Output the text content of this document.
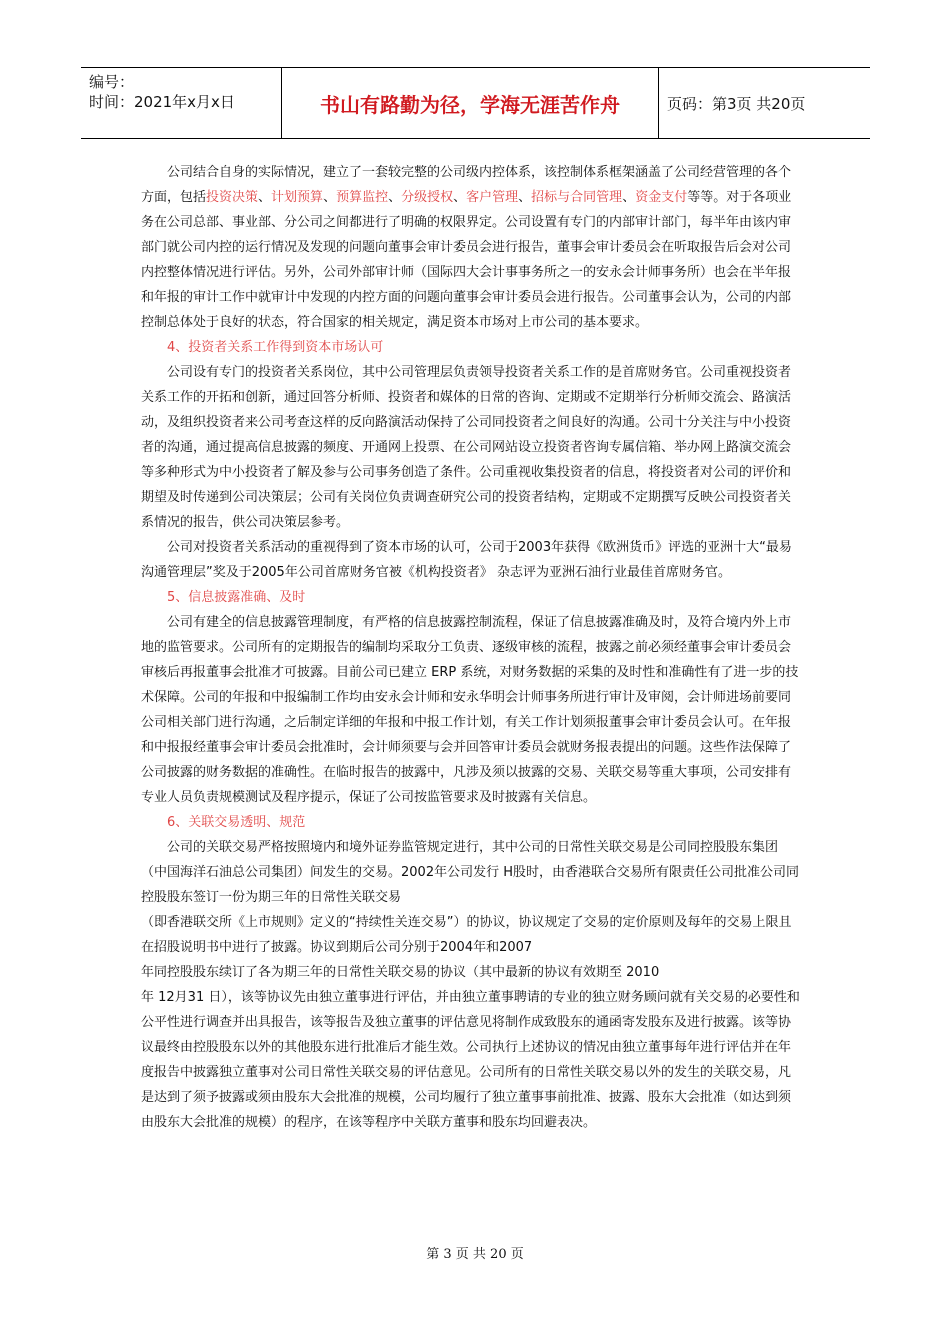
编号：
时间：2021年x月x日	书山有路勤为径，学海无涯苦作舟	页码：第3页 共20页

公司结合自身的实际情况，建立了一套较完整的公司级内控体系，该控制体系框架涵盖了公司经营管理的各个方面，包括投资决策、计划预算、预算监控、分级授权、客户管理、招标与合同管理、资金支付等等。对于各项业务在公司总部、事业部、分公司之间都进行了明确的权限界定。公司设置有专门的内部审计部门，每半年由该内审部门就公司内控的运行情况及发现的问题向董事会审计委员会进行报告，董事会审计委员会在听取报告后会对公司内控整体情况进行评估。另外，公司外部审计师（国际四大会计事事务所之一的安永会计师事务所）也会在半年报和年报的审计工作中就审计中发现的内控方面的问题向董事会审计委员会进行报告。公司董事会认为，公司的内部控制总体处于良好的状态，符合国家的相关规定，满足资本市场对上市公司的基本要求。

4、投资者关系工作得到资本市场认可

公司设有专门的投资者关系岗位，其中公司管理层负责领导投资者关系工作的是首席财务官。公司重视投资者关系工作的开拓和创新，通过回答分析师、投资者和媒体的日常的咨询、定期或不定期举行分析师交流会、路演活动，及组织投资者来公司考查这样的反向路演活动保持了公司同投资者之间良好的沟通。公司十分关注与中小投资者的沟通，通过提高信息披露的频度、开通网上投票、在公司网站设立投资者咨询专属信箱、举办网上路演交流会等多种形式为中小投资者了解及参与公司事务创造了条件。公司重视收集投资者的信息，将投资者对公司的评价和期望及时传递到公司决策层；公司有关岗位负责调查研究公司的投资者结构，定期或不定期撰写反映公司投资者关系情况的报告，供公司决策层参考。

公司对投资者关系活动的重视得到了资本市场的认可，公司于2003年获得《欧洲货币》评选的亚洲十大“最易沟通管理层”奖及于2005年公司首席财务官被《机构投资者》 杂志评为亚洲石油行业最佳首席财务官。

5、信息披露准确、及时

公司有建全的信息披露管理制度，有严格的信息披露控制流程，保证了信息披露准确及时，及符合境内外上市地的监管要求。公司所有的定期报告的编制均采取分工负责、逐级审核的流程，披露之前必须经董事会审计委员会审核后再报董事会批准才可披露。目前公司已建立 ERP 系统，对财务数据的采集的及时性和准确性有了进一步的技术保障。公司的年报和中报编制工作均由安永会计师和安永华明会计师事务所进行审计及审阅，会计师进场前要同公司相关部门进行沟通，之后制定详细的年报和中报工作计划，有关工作计划须报董事会审计委员会认可。在年报和中报报经董事会审计委员会批准时，会计师须要与会并回答审计委员会就财务报表提出的问题。这些作法保障了公司披露的财务数据的准确性。在临时报告的披露中，凡涉及须以披露的交易、关联交易等重大事项，公司安排有专业人员负责规模测试及程序提示，保证了公司按监管要求及时披露有关信息。

6、关联交易透明、规范

公司的关联交易严格按照境内和境外证券监管规定进行，其中公司的日常性关联交易是公司同控股股东集团（中国海洋石油总公司集团）间发生的交易。2002年公司发行 H股时，由香港联合交易所有限责任公司批准公司同控股股东签订一份为期三年的日常性关联交易

（即香港联交所《上市规则》定义的“持续性关连交易”）的协议，协议规定了交易的定价原则及每年的交易上限且在招股说明书中进行了披露。协议到期后公司分别于2004年和2007

年同控股股东续订了各为期三年的日常性关联交易的协议（其中最新的协议有效期至 2010

年 12月31 日），该等协议先由独立董事进行评估，并由独立董事聘请的专业的独立财务顾问就有关交易的必要性和公平性进行调查并出具报告，该等报告及独立董事的评估意见将制作成致股东的通函寄发股东及进行披露。该等协议最终由控股股东以外的其他股东进行批准后才能生效。公司执行上述协议的情况由独立董事每年进行评估并在年度报告中披露独立董事对公司日常性关联交易的评估意见。公司所有的日常性关联交易以外的发生的关联交易，凡是达到了须予披露或须由股东大会批准的规模，公司均履行了独立董事事前批准、披露、股东大会批准（如达到须由股东大会批准的规模）的程序，在该等程序中关联方董事和股东均回避表决。

第 3 页 共 20 页
